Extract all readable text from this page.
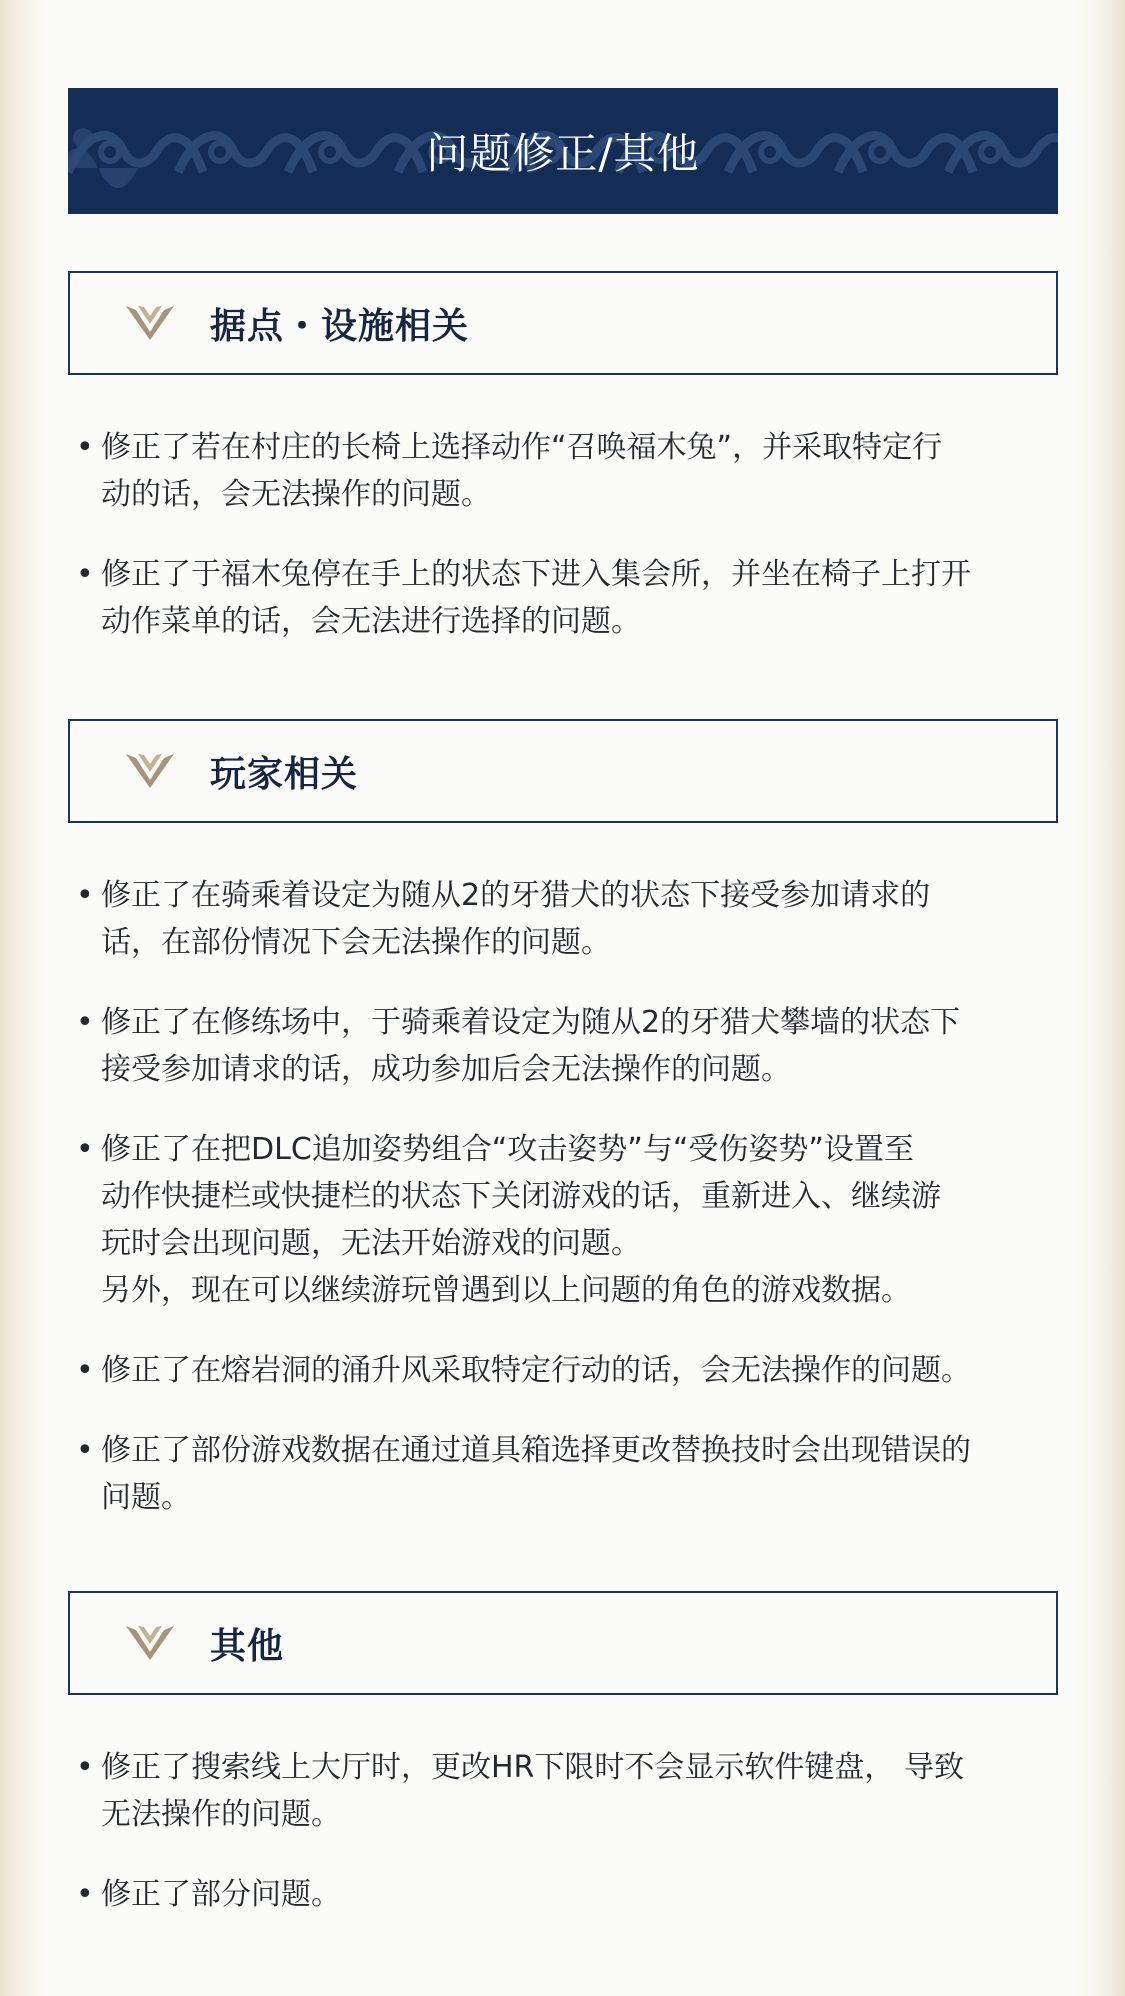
问题修正/其他
据点・设施相关
• 修正了若在村庄的长椅上选择动作“召唤福木兔”，并采取特定行
动的话，会无法操作的问题。
• 修正了于福木兔停在手上的状态下进入集会所，并坐在椅子上打开
动作菜单的话，会无法进行选择的问题。
玩家相关
• 修正了在骑乘着设定为随从2的牙猎犬的状态下接受参加请求的
话，在部份情况下会无法操作的问题。
• 修正了在修练场中，于骑乘着设定为随从2的牙猎犬攀墙的状态下
接受参加请求的话，成功参加后会无法操作的问题。
• 修正了在把DLC追加姿势组合“攻击姿势”与“受伤姿势”设置至
动作快捷栏或快捷栏的状态下关闭游戏的话，重新进入、继续游
玩时会出现问题，无法开始游戏的问题。
另外，现在可以继续游玩曾遇到以上问题的角色的游戏数据。
• 修正了在熔岩洞的涌升风采取特定行动的话，会无法操作的问题。
• 修正了部份游戏数据在通过道具箱选择更改替换技时会出现错误的
问题。
其他
• 修正了搜索线上大厅时，更改HR下限时不会显示软件键盘， 导致
无法操作的问题。
• 修正了部分问题。
